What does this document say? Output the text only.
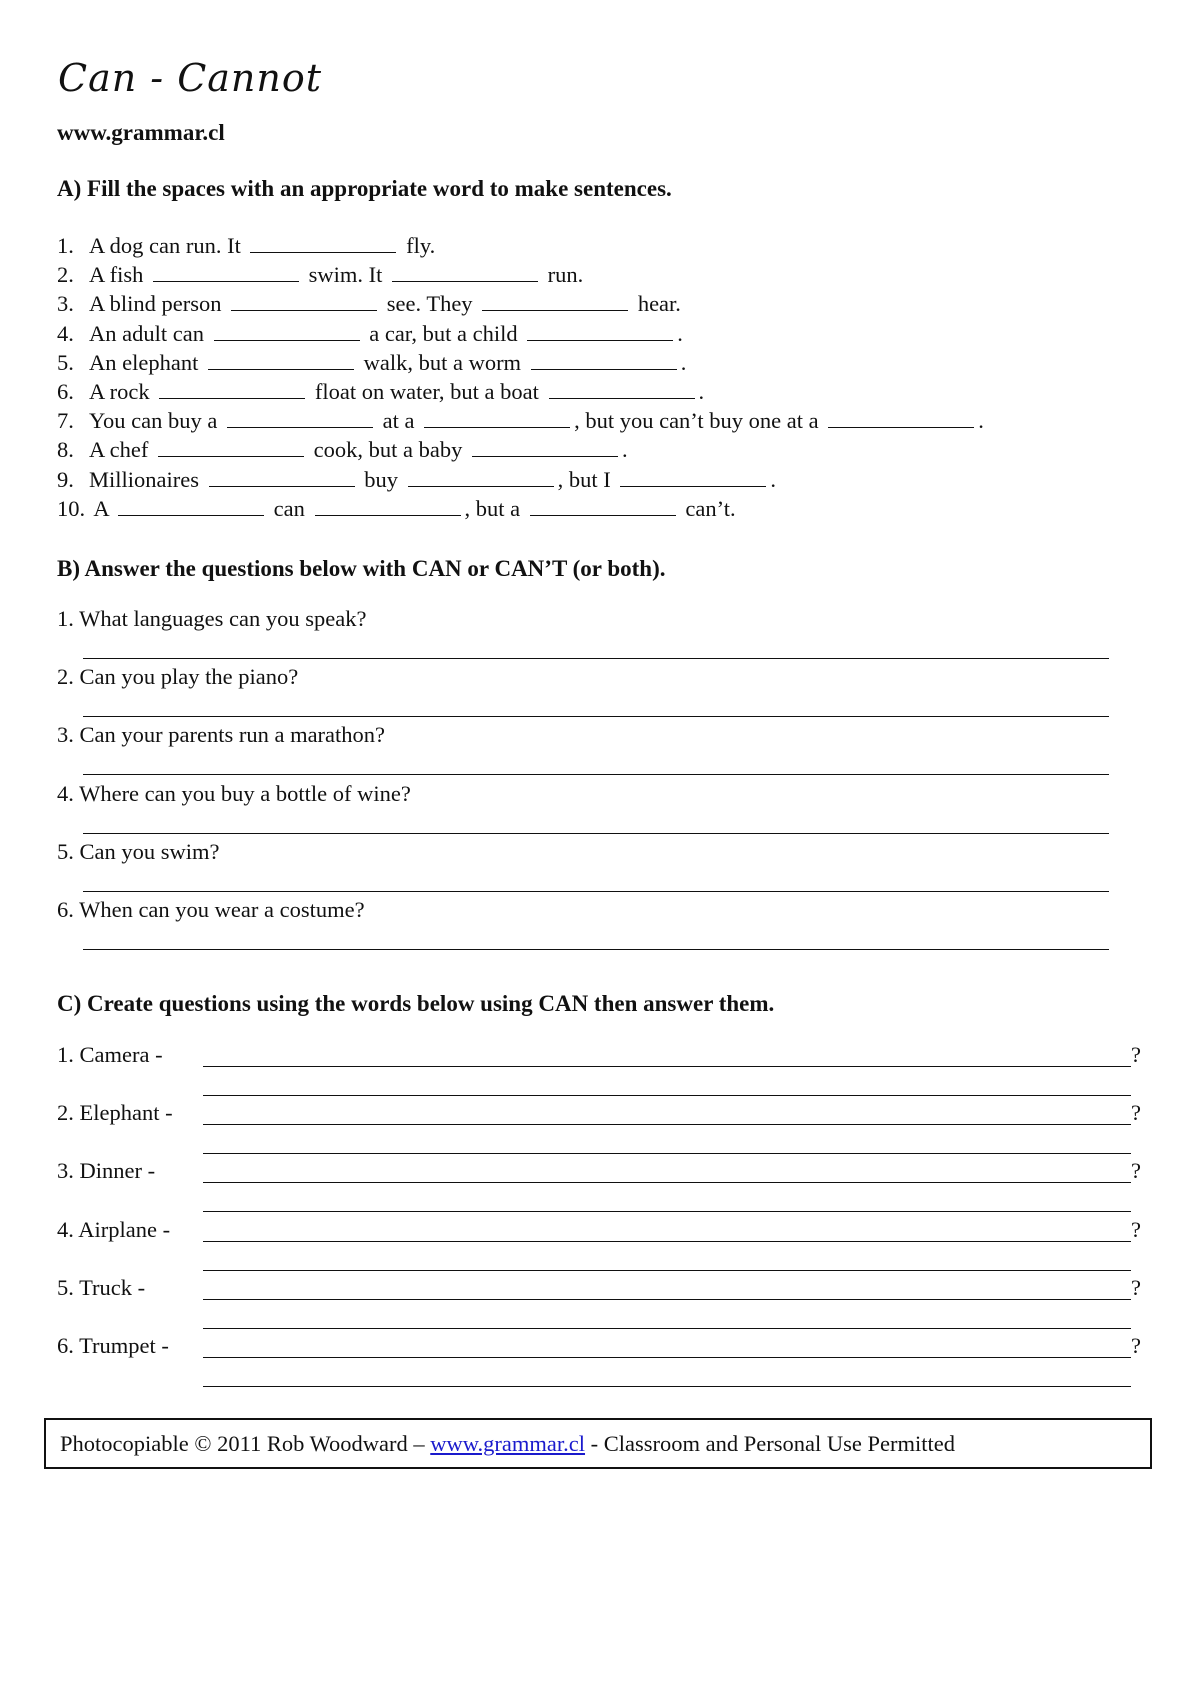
Can - Cannot
www.grammar.cl
A) Fill the spaces with an appropriate word to make sentences.
1. A dog can run. It	fly.
2. A fish	swim. It	run.
3. A blind person	see. They	hear.
4. An adult can	a car, but a child	.
5. An elephant	walk, but a worm	.
6. A rock	float on water, but a boat	.
7. You can buy a	at a	, but you can’t buy one at a	.
8. A chef	cook, but a baby	.
9. Millionaires	buy	, but I	.
10. A	can	, but a	can’t.
B) Answer the questions below with CAN or CAN’T (or both).
1. What languages can you speak?
2. Can you play the piano?
3. Can your parents run a marathon?
4. Where can you buy a bottle of wine?
5. Can you swim?
6. When can you wear a costume?
C) Create questions using the words below using CAN then answer them.
1. Camera -	?
2. Elephant -	?
3. Dinner -	?
4. Airplane -	?
5. Truck -	?
6. Trumpet -	?
Photocopiable © 2011 Rob Woodward – www.grammar.cl - Classroom and Personal Use Permitted
